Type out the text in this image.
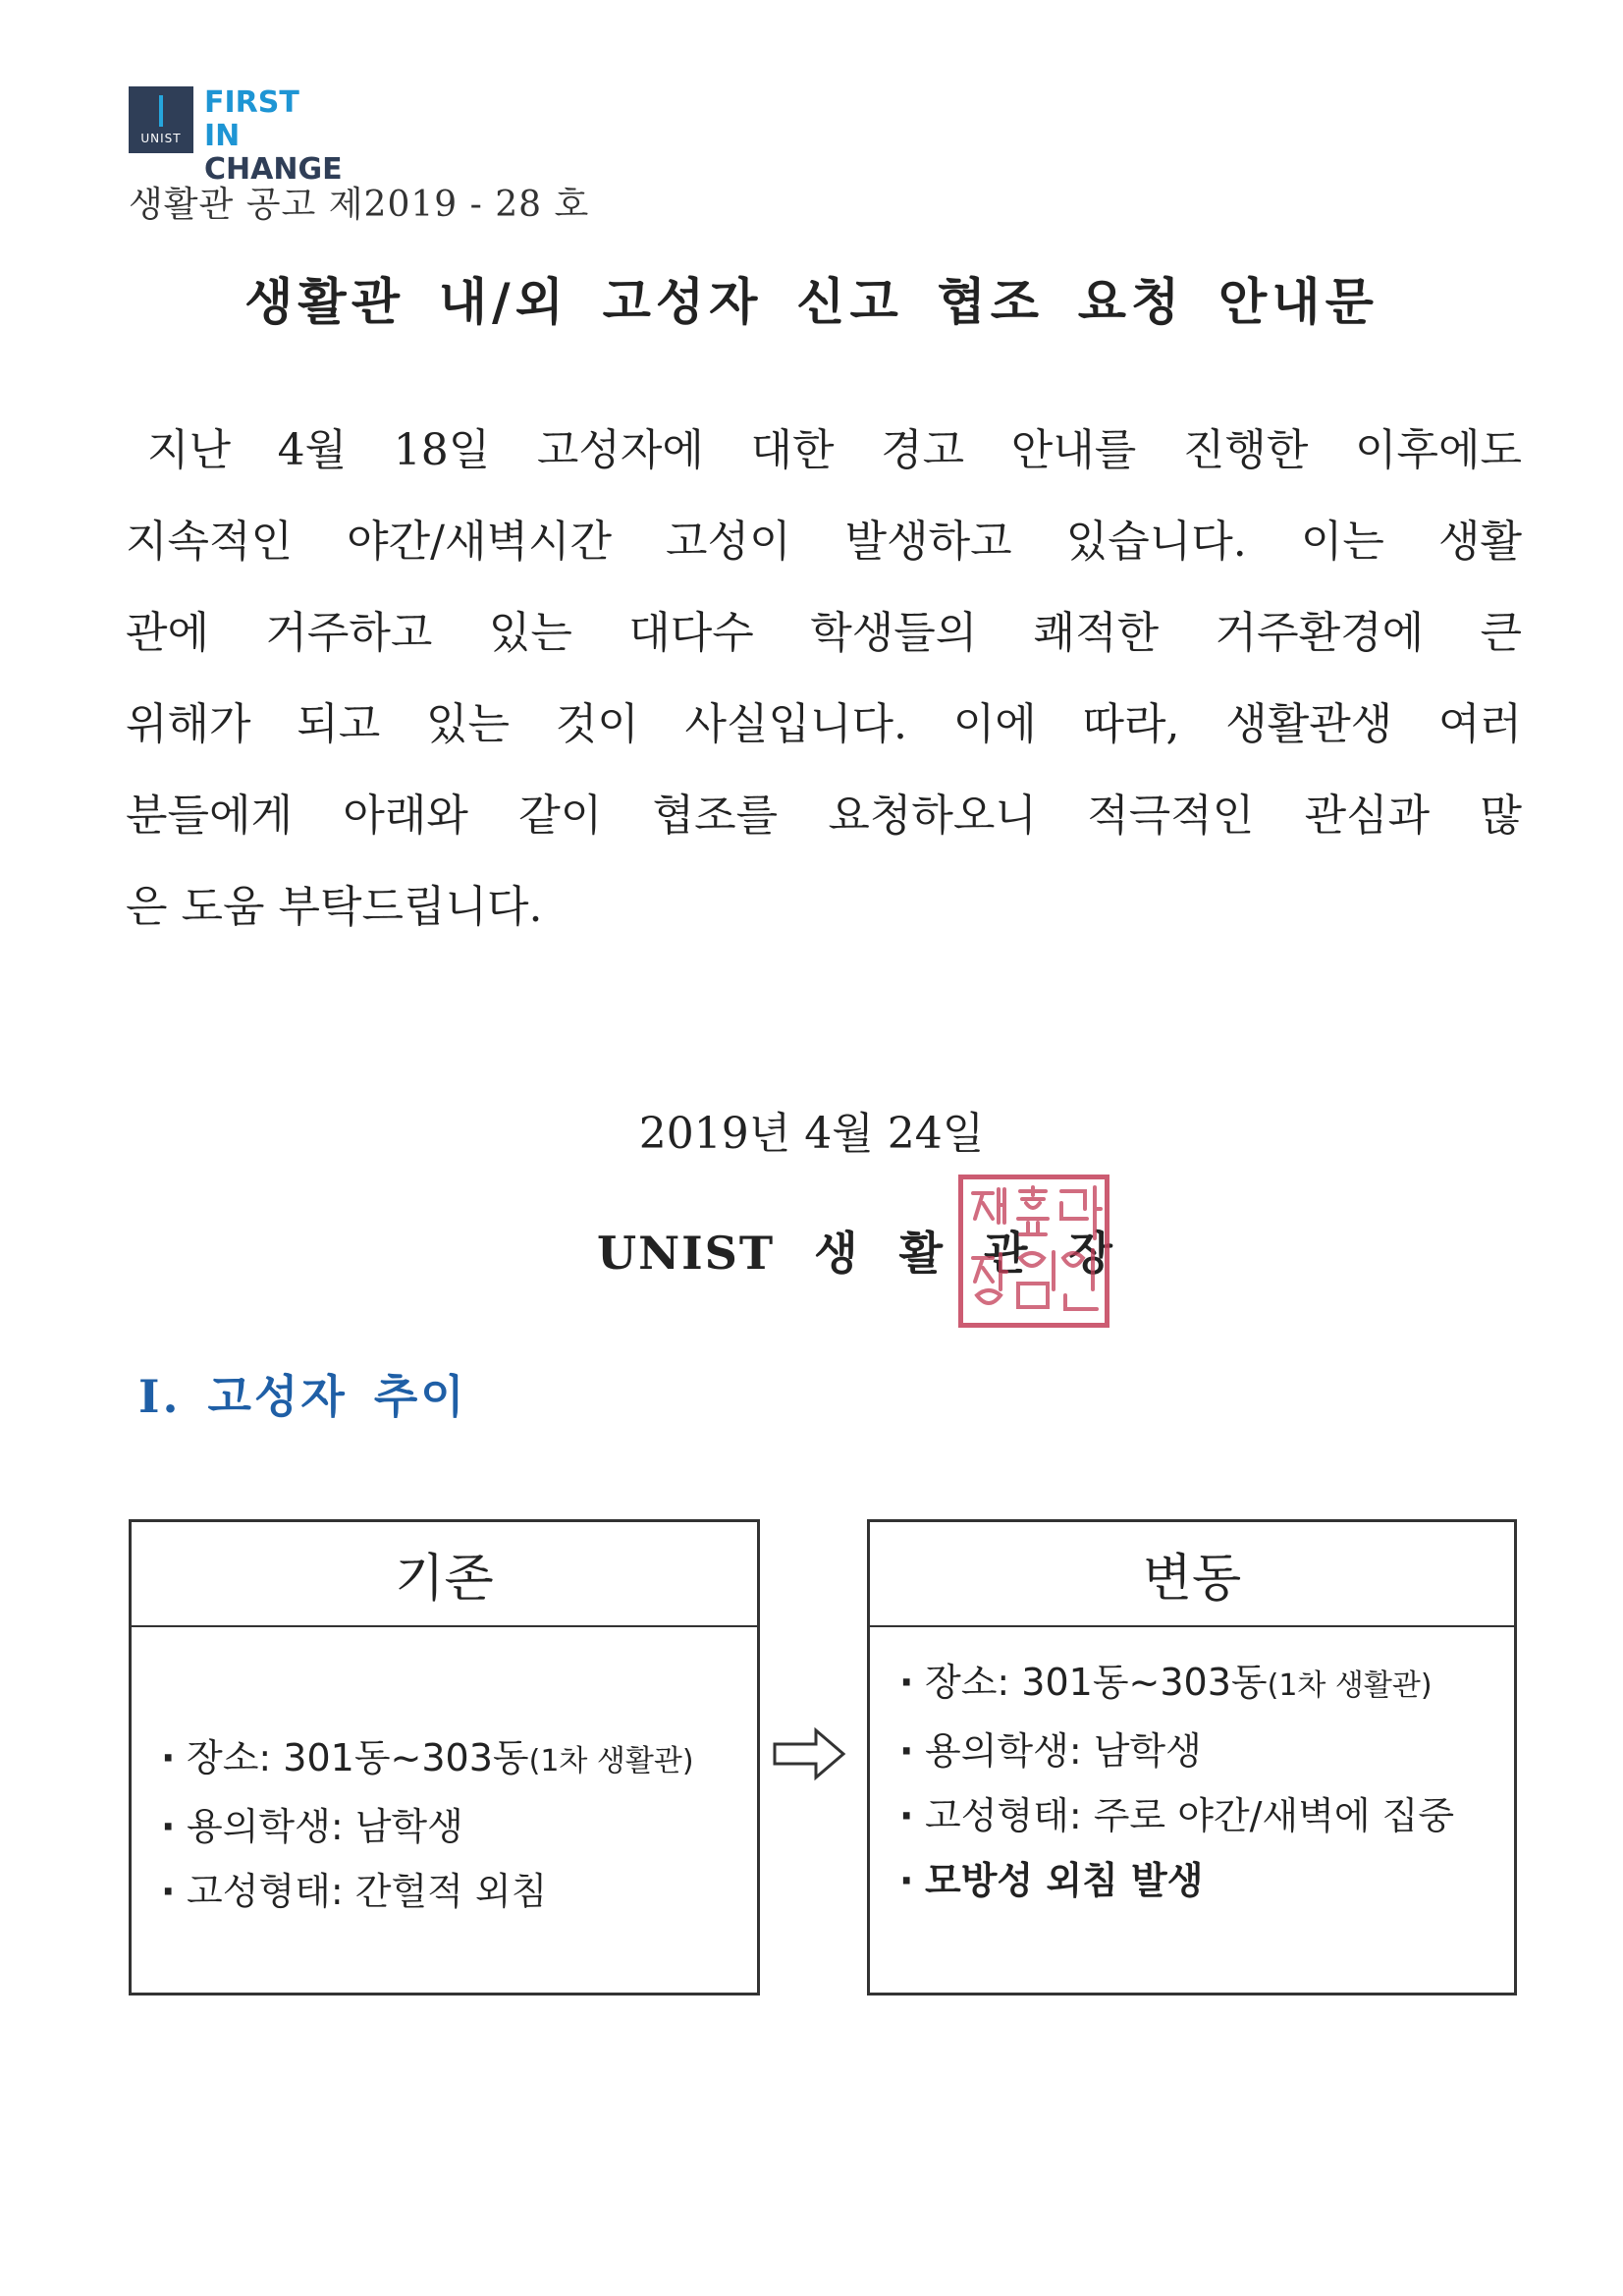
UNIST
FIRST IN
CHANGE
생활관 공고 제2019 - 28 호
생활관 내/외 고성자 신고 협조 요청 안내문
지난 4월 18일 고성자에 대한 경고 안내를 진행한 이후에도
지속적인 야간/새벽시간 고성이 발생하고 있습니다. 이는 생활
관에 거주하고 있는 대다수 학생들의 쾌적한 거주환경에 큰
위해가 되고 있는 것이 사실입니다. 이에 따라, 생활관생 여러
분들에게 아래와 같이 협조를 요청하오니 적극적인 관심과 많
은 도움 부탁드립니다.
2019년 4월 24일
UNIST 생 활 관 장
Ⅰ. 고성자 추이
기존
· 장소: 301동~303동(1차 생활관)
· 용의학생: 남학생
· 고성형태: 간헐적 외침
변동
· 장소: 301동~303동(1차 생활관)
· 용의학생: 남학생
· 고성형태: 주로 야간/새벽에 집중
· 모방성 외침 발생
